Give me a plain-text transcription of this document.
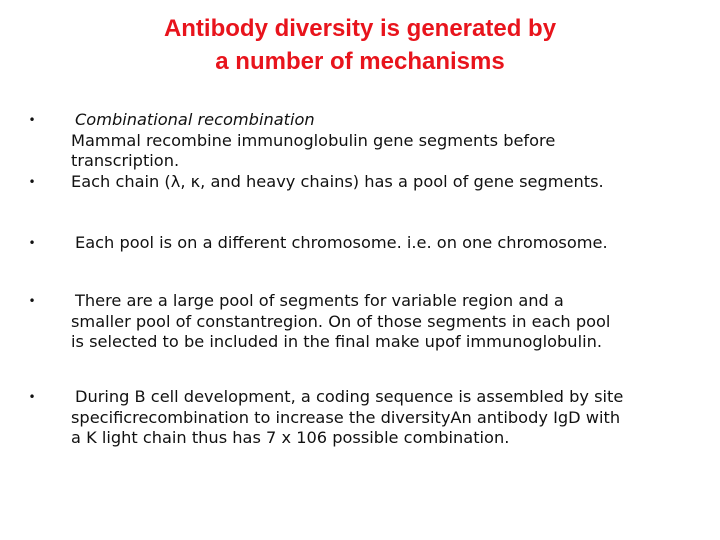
Antibody diversity is generated by
a number of mechanisms
• Combinational recombination
Mammal recombine immunoglobulin gene segments before
transcription.
• Each chain (λ, κ, and heavy chains) has a pool of gene segments.
• Each pool is on a different chromosome. i.e. on one chromosome.
• There are a large pool of segments for variable region and a
smaller pool of constantregion. On of those segments in each pool
is selected to be included in the final make upof immunoglobulin.
• During B cell development, a coding sequence is assembled by site
specificrecombination to increase the diversityAn antibody IgD with
a Κ light chain thus has 7 x 106 possible combination.
